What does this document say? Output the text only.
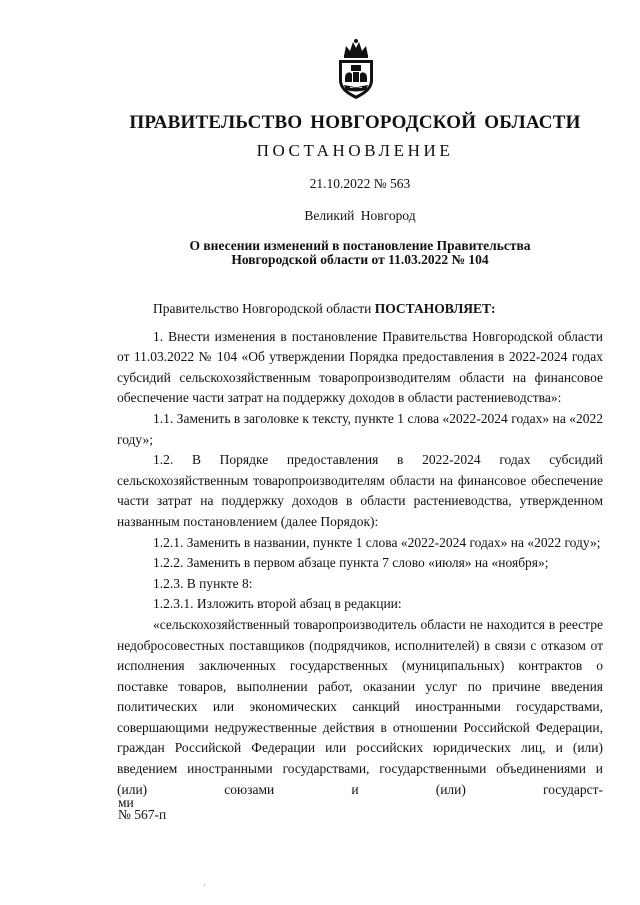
ПРАВИТЕЛЬСТВО НОВГОРОДСКОЙ ОБЛАСТИ
ПОСТАНОВЛЕНИЕ
21.10.2022 № 563
Великий Новгород
О внесении изменений в постановление Правительства
Новгородской области от 11.03.2022 № 104

Правительство Новгородской области ПОСТАНОВЛЯЕТ:

1. Внести изменения в постановление Правительства Новгородской области от 11.03.2022 № 104 «Об утверждении Порядка предоставления в 2022-2024 годах субсидий сельскохозяйственным товаропроизводителям области на финансовое обеспечение части затрат на поддержку доходов в области растениеводства»:

1.1. Заменить в заголовке к тексту, пункте 1 слова «2022-2024 годах» на «2022 году»;

1.2. В Порядке предоставления в 2022-2024 годах субсидий сельскохозяйственным товаропроизводителям области на финансовое обеспечение части затрат на поддержку доходов в области растениеводства, утвержденном названным постановлением (далее Порядок):

1.2.1. Заменить в названии, пункте 1 слова «2022-2024 годах» на «2022 году»;

1.2.2. Заменить в первом абзаце пункта 7 слово «июля» на «ноября»;

1.2.3. В пункте 8:

1.2.3.1. Изложить второй абзац в редакции:

«сельскохозяйственный товаропроизводитель области не находится в реестре недобросовестных поставщиков (подрядчиков, исполнителей) в связи с отказом от исполнения заключенных государственных (муниципальных) контрактов о поставке товаров, выполнении работ, оказании услуг по причине введения политических или экономических санкций иностранными государствами, совершающими недружественные действия в отношении Российской Федерации, граждан Российской Федерации или российских юридических лиц, и (или) введением иностранными государствами, государственными объединениями и (или) союзами и (или) государст-

ми
№ 567-п
